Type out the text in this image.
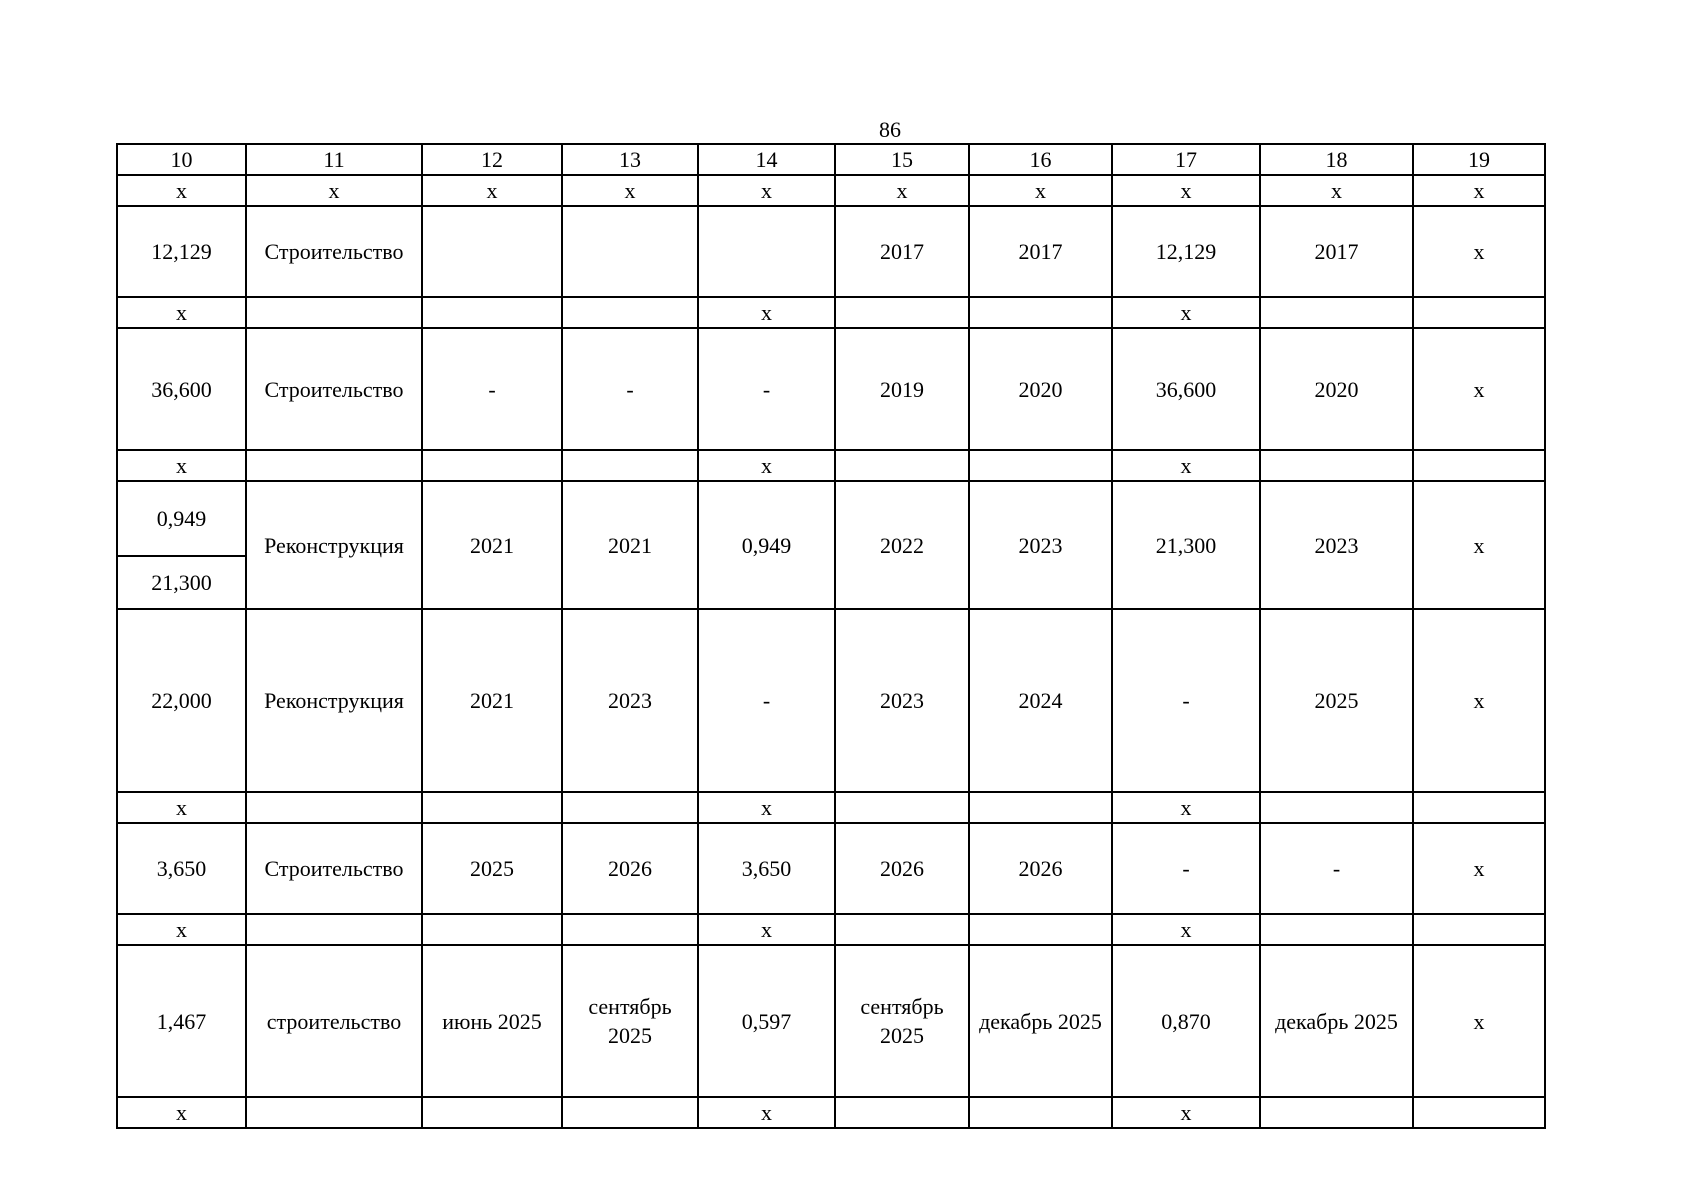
86
10	11	12	13	14	15	16	17	18	19
x	x	x	x	x	x	x	x	x	x
12,129	Строительство				2017	2017	12,129	2017	x
x				x			x		
36,600	Строительство	-	-	-	2019	2020	36,600	2020	x
x				x			x		
0,949	Реконструкция	2021	2021	0,949	2022	2023	21,300	2023	x
21,300									
22,000	Реконструкция	2021	2023	-	2023	2024	-	2025	x
x				x			x		
3,650	Строительство	2025	2026	3,650	2026	2026	-	-	x
x				x			x		
1,467	строительство	июнь 2025	сентябрь 2025	0,597	сентябрь 2025	декабрь 2025	0,870	декабрь 2025	x
x				x			x		
